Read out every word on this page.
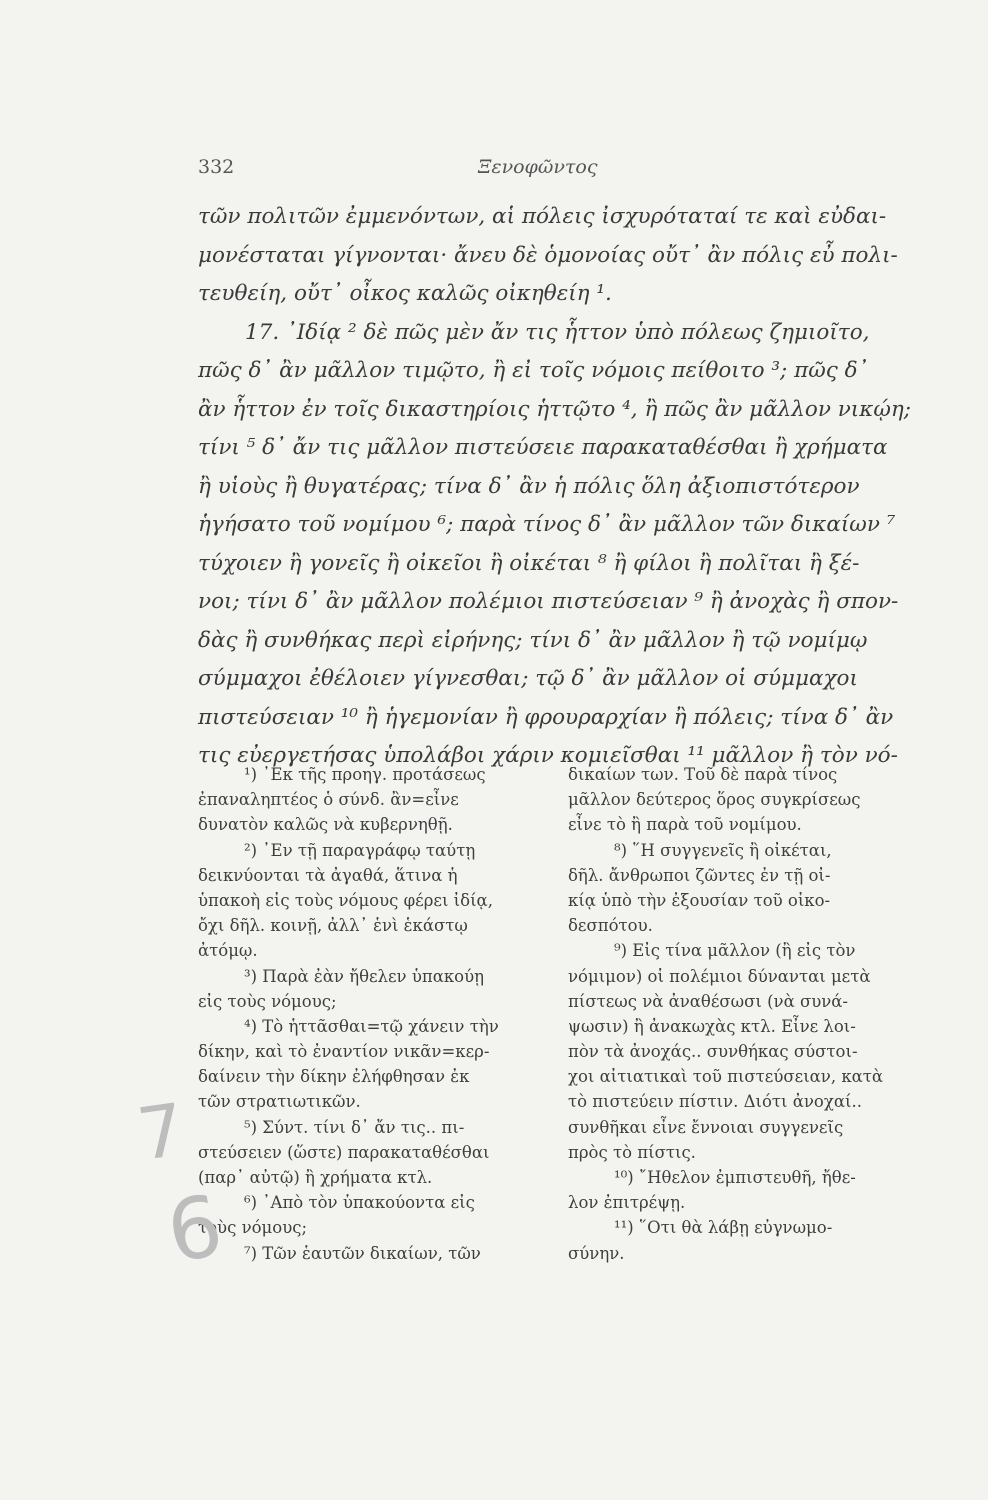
332	Ξενοφῶντος
τῶν πολιτῶν ἐμμενόντων, αἱ πόλεις ἰσχυρόταταί τε καὶ εὐδαι-
μονέσταται γίγνονται· ἄνευ δὲ ὁμονοίας οὔτ᾽ ἂν πόλις εὖ πολι-
τευθείη, οὔτ᾽ οἶκος καλῶς οἰκηθείη ¹.
17. ᾿Ιδίᾳ ² δὲ πῶς μὲν ἄν τις ἧττον ὑπὸ πόλεως ζημιοῖτο,
πῶς δ᾽ ἂν μᾶλλον τιμῷτο, ἢ εἰ τοῖς νόμοις πείθοιτο ³; πῶς δ᾽
ἂν ἧττον ἐν τοῖς δικαστηρίοις ἡττῷτο ⁴, ἢ πῶς ἂν μᾶλλον νικῴη;
τίνι ⁵ δ᾽ ἄν τις μᾶλλον πιστεύσειε παρακαταθέσθαι ἢ χρήματα
ἢ υἱοὺς ἢ θυγατέρας; τίνα δ᾽ ἂν ἡ πόλις ὅλη ἀξιοπιστότερον
ἡγήσατο τοῦ νομίμου ⁶; παρὰ τίνος δ᾽ ἂν μᾶλλον τῶν δικαίων ⁷
τύχοιεν ἢ γονεῖς ἢ οἰκεῖοι ἢ οἰκέται ⁸ ἢ φίλοι ἢ πολῖται ἢ ξέ-
νοι; τίνι δ᾽ ἂν μᾶλλον πολέμιοι πιστεύσειαν ⁹ ἢ ἀνοχὰς ἢ σπον-
δὰς ἢ συνθήκας περὶ εἰρήνης; τίνι δ᾽ ἂν μᾶλλον ἢ τῷ νομίμῳ
σύμμαχοι ἐθέλοιεν γίγνεσθαι; τῷ δ᾽ ἂν μᾶλλον οἱ σύμμαχοι
πιστεύσειαν ¹⁰ ἢ ἡγεμονίαν ἢ φρουραρχίαν ἢ πόλεις; τίνα δ᾽ ἂν
τις εὐεργετήσας ὑπολάβοι χάριν κομιεῖσθαι ¹¹ μᾶλλον ἢ τὸν νό-
¹) ᾿Εκ τῆς προηγ. προτάσεως
ἐπαναληπτέος ὁ σύνδ. ἂν=εἶνε
δυνατὸν καλῶς νὰ κυβερνηθῇ.
²) ᾿Εν τῇ παραγράφῳ ταύτῃ
δεικνύονται τὰ ἀγαθά, ἅτινα ἡ
ὑπακοὴ εἰς τοὺς νόμους φέρει ἰδίᾳ,
ὄχι δῆλ. κοινῇ, ἀλλ᾽ ἑνὶ ἑκάστῳ
ἀτόμῳ.
³) Παρὰ ἐὰν ἤθελεν ὑπακούῃ
εἰς τοὺς νόμους;
⁴) Τὸ ἡττᾶσθαι=τῷ χάνειν τὴν
δίκην, καὶ τὸ ἐναντίον νικᾶν=κερ-
δαίνειν τὴν δίκην ἐλήφθησαν ἐκ
τῶν στρατιωτικῶν.
⁵) Σύντ. τίνι δ᾽ ἄν τις.. πι-
στεύσειεν (ὥστε) παρακαταθέσθαι
(παρ᾽ αὐτῷ) ἢ χρήματα κτλ.
⁶) ᾿Απὸ τὸν ὑπακούοντα εἰς
τοὺς νόμους;
⁷) Τῶν ἑαυτῶν δικαίων, τῶν
δικαίων των. Τοῦ δὲ παρὰ τίνος
μᾶλλον δεύτερος ὅρος συγκρίσεως
εἶνε τὸ ἢ παρὰ τοῦ νομίμου.
⁸) ῞Η συγγενεῖς ἢ οἰκέται,
δῆλ. ἄνθρωποι ζῶντες ἐν τῇ οἰ-
κίᾳ ὑπὸ τὴν ἐξουσίαν τοῦ οἰκο-
δεσπότου.
⁹) Εἰς τίνα μᾶλλον (ἢ εἰς τὸν
νόμιμον) οἱ πολέμιοι δύνανται μετὰ
πίστεως νὰ ἀναθέσωσι (νὰ συνά-
ψωσιν) ἢ ἀνακωχὰς κτλ. Εἶνε λοι-
πὸν τὰ ἀνοχάς.. συνθήκας σύστοι-
χοι αἰτιατικαὶ τοῦ πιστεύσειαν, κατὰ
τὸ πιστεύειν πίστιν. Διότι ἀνοχαί..
συνθῆκαι εἶνε ἔννοιαι συγγενεῖς
πρὸς τὸ πίστις.
¹⁰) ῎Ηθελον ἐμπιστευθῆ, ἤθε-
λον ἐπιτρέψῃ.
¹¹) ῞Οτι θὰ λάβῃ εὐγνωμο-
σύνην.
7
6
